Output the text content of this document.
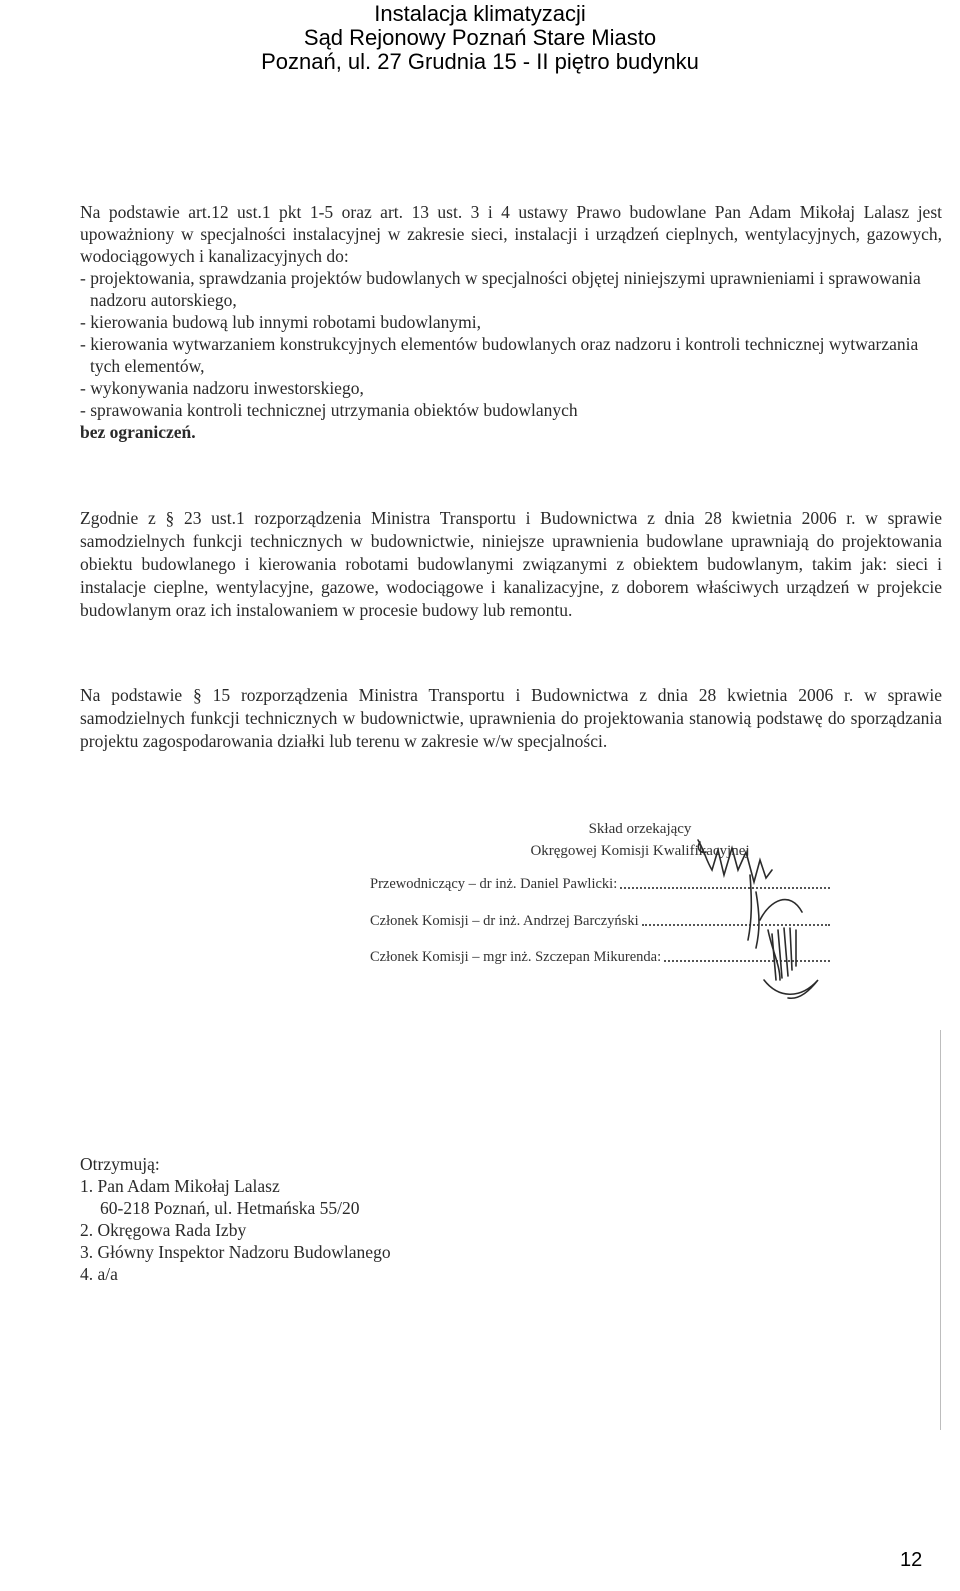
Instalacja klimatyzacji
Sąd Rejonowy Poznań Stare Miasto
Poznań, ul. 27 Grudnia 15 - II piętro budynku

Na podstawie art.12 ust.1 pkt 1-5 oraz art. 13 ust. 3 i 4 ustawy Prawo budowlane Pan Adam Mikołaj Lalasz jest upoważniony w specjalności instalacyjnej w zakresie sieci, instalacji i urządzeń cieplnych, wentylacyjnych, gazowych, wodociągowych i kanalizacyjnych do:

- projektowania, sprawdzania projektów budowlanych w specjalności objętej niniejszymi uprawnieniami i sprawowania nadzoru autorskiego,
- kierowania budową lub innymi robotami budowlanymi,
- kierowania wytwarzaniem konstrukcyjnych elementów budowlanych oraz nadzoru i kontroli technicznej wytwarzania tych elementów,
- wykonywania nadzoru inwestorskiego,
- sprawowania kontroli technicznej utrzymania obiektów budowlanych

bez ograniczeń.

Zgodnie z § 23 ust.1 rozporządzenia Ministra Transportu i Budownictwa z dnia 28 kwietnia 2006 r. w sprawie samodzielnych funkcji technicznych w budownictwie, niniejsze uprawnienia budowlane uprawniają do projektowania obiektu budowlanego i kierowania robotami budowlanymi związanymi z obiektem budowlanym, takim jak: sieci i instalacje cieplne, wentylacyjne, gazowe, wodociągowe i kanalizacyjne, z doborem właściwych urządzeń w projekcie budowlanym oraz ich instalowaniem w procesie budowy lub remontu.

Na podstawie § 15 rozporządzenia Ministra Transportu i Budownictwa z dnia 28 kwietnia 2006 r. w sprawie samodzielnych funkcji technicznych w budownictwie, uprawnienia do projektowania stanowią podstawę do sporządzania projektu zagospodarowania działki lub terenu w zakresie w/w specjalności.

Skład orzekający
Okręgowej Komisji Kwalifikacyjnej
Przewodniczący – dr inż. Daniel Pawlicki:
Członek Komisji – dr inż. Andrzej Barczyński
Członek Komisji – mgr inż. Szczepan Mikurenda:
Otrzymują:
1. Pan Adam Mikołaj Lalasz
60-218 Poznań, ul. Hetmańska 55/20
2. Okręgowa Rada Izby
3. Główny Inspektor Nadzoru Budowlanego
4. a/a
12
